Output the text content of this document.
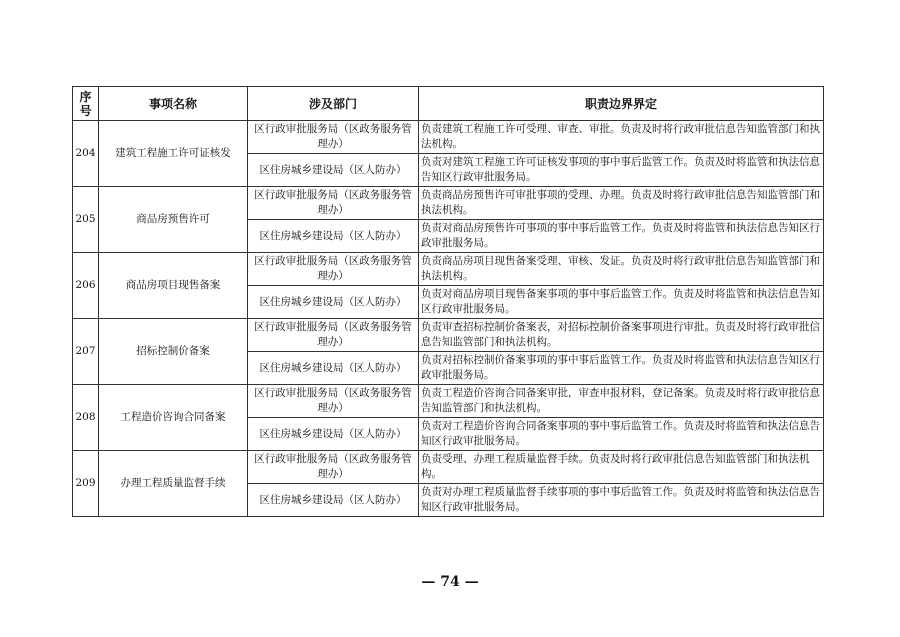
序号	事项名称	涉及部门	职责边界界定
204	建筑工程施工许可证核发	区行政审批服务局（区政务服务管理办）	负责建筑工程施工许可受理、审查、审批。负责及时将行政审批信息告知监管部门和执法机构。
		区住房城乡建设局（区人防办）	负责对建筑工程施工许可证核发事项的事中事后监管工作。负责及时将监管和执法信息告知区行政审批服务局。
205	商品房预售许可	区行政审批服务局（区政务服务管理办）	负责商品房预售许可审批事项的受理、办理。负责及时将行政审批信息告知监管部门和执法机构。
		区住房城乡建设局（区人防办）	负责对商品房预售许可事项的事中事后监管工作。负责及时将监管和执法信息告知区行政审批服务局。
206	商品房项目现售备案	区行政审批服务局（区政务服务管理办）	负责商品房项目现售备案受理、审核、发证。负责及时将行政审批信息告知监管部门和执法机构。
		区住房城乡建设局（区人防办）	负责对商品房项目现售备案事项的事中事后监管工作。负责及时将监管和执法信息告知区行政审批服务局。
207	招标控制价备案	区行政审批服务局（区政务服务管理办）	负责审查招标控制价备案表，对招标控制价备案事项进行审批。负责及时将行政审批信息告知监管部门和执法机构。
		区住房城乡建设局（区人防办）	负责对招标控制价备案事项的事中事后监管工作。负责及时将监管和执法信息告知区行政审批服务局。
208	工程造价咨询合同备案	区行政审批服务局（区政务服务管理办）	负责工程造价咨询合同备案审批，审查申报材料，登记备案。负责及时将行政审批信息告知监管部门和执法机构。
		区住房城乡建设局（区人防办）	负责对工程造价咨询合同备案事项的事中事后监管工作。负责及时将监管和执法信息告知区行政审批服务局。
209	办理工程质量监督手续	区行政审批服务局（区政务服务管理办）	负责受理、办理工程质量监督手续。负责及时将行政审批信息告知监管部门和执法机构。
		区住房城乡建设局（区人防办）	负责对办理工程质量监督手续事项的事中事后监管工作。负责及时将监管和执法信息告知区行政审批服务局。
— 74 —
